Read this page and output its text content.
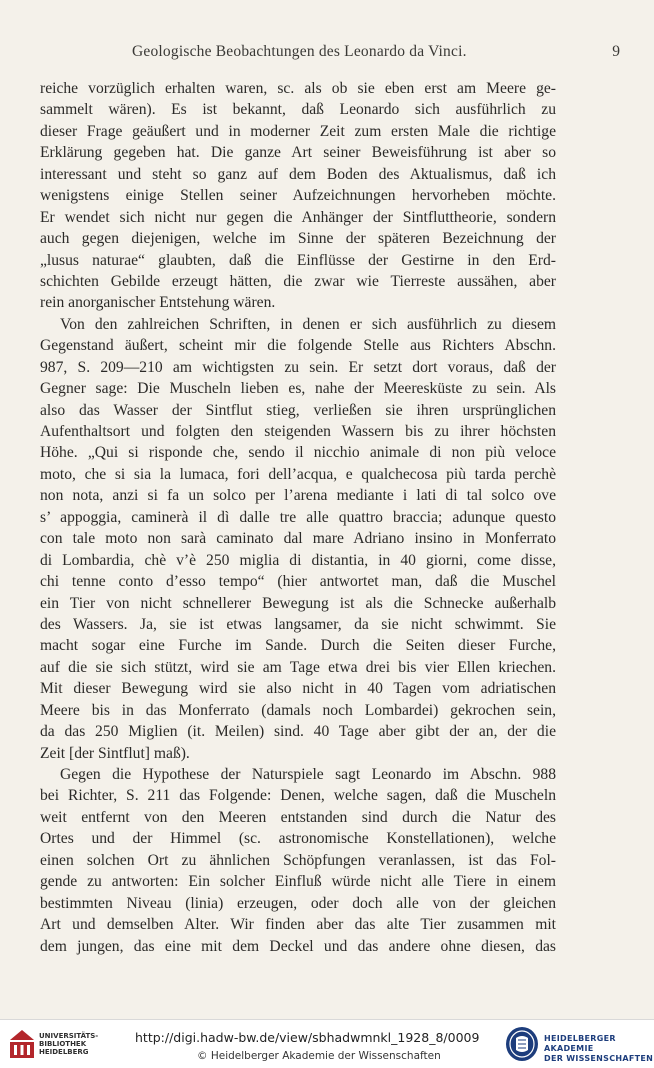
Geologische Beobachtungen des Leonardo da Vinci.	9
reiche vorzüglich erhalten waren, sc. als ob sie eben erst am Meere ge-
sammelt wären). Es ist bekannt, daß Leonardo sich ausführlich zu
dieser Frage geäußert und in moderner Zeit zum ersten Male die richtige
Erklärung gegeben hat. Die ganze Art seiner Beweisführung ist aber so
interessant und steht so ganz auf dem Boden des Aktualismus, daß ich
wenigstens einige Stellen seiner Aufzeichnungen hervorheben möchte.
Er wendet sich nicht nur gegen die Anhänger der Sintfluttheorie, sondern
auch gegen diejenigen, welche im Sinne der späteren Bezeichnung der
„lusus naturae“ glaubten, daß die Einflüsse der Gestirne in den Erd-
schichten Gebilde erzeugt hätten, die zwar wie Tierreste aussähen, aber
rein anorganischer Entstehung wären.
Von den zahlreichen Schriften, in denen er sich ausführlich zu diesem
Gegenstand äußert, scheint mir die folgende Stelle aus Richters Abschn.
987, S. 209—210 am wichtigsten zu sein. Er setzt dort voraus, daß der
Gegner sage: Die Muscheln lieben es, nahe der Meeresküste zu sein. Als
also das Wasser der Sintflut stieg, verließen sie ihren ursprünglichen
Aufenthaltsort und folgten den steigenden Wassern bis zu ihrer höchsten
Höhe. „Qui si risponde che, sendo il nicchio animale di non più veloce
moto, che si sia la lumaca, fori dell’acqua, e qualchecosa più tarda perchè
non nota, anzi si fa un solco per l’arena mediante i lati di tal solco ove
s’ appoggia, caminerà il dì dalle tre alle quattro braccia; adunque questo
con tale moto non sarà caminato dal mare Adriano insino in Monferrato
di Lombardia, chè v’è 250 miglia di distantia, in 40 giorni, come disse,
chi tenne conto d’esso tempo“ (hier antwortet man, daß die Muschel
ein Tier von nicht schnellerer Bewegung ist als die Schnecke außerhalb
des Wassers. Ja, sie ist etwas langsamer, da sie nicht schwimmt. Sie
macht sogar eine Furche im Sande. Durch die Seiten dieser Furche,
auf die sie sich stützt, wird sie am Tage etwa drei bis vier Ellen kriechen.
Mit dieser Bewegung wird sie also nicht in 40 Tagen vom adriatischen
Meere bis in das Monferrato (damals noch Lombardei) gekrochen sein,
da das 250 Miglien (it. Meilen) sind. 40 Tage aber gibt der an, der die
Zeit [der Sintflut] maß).
Gegen die Hypothese der Naturspiele sagt Leonardo im Abschn. 988
bei Richter, S. 211 das Folgende: Denen, welche sagen, daß die Muscheln
weit entfernt von den Meeren entstanden sind durch die Natur des
Ortes und der Himmel (sc. astronomische Konstellationen), welche
einen solchen Ort zu ähnlichen Schöpfungen veranlassen, ist das Fol-
gende zu antworten: Ein solcher Einfluß würde nicht alle Tiere in einem
bestimmten Niveau (linia) erzeugen, oder doch alle von der gleichen
Art und demselben Alter. Wir finden aber das alte Tier zusammen mit
dem jungen, das eine mit dem Deckel und das andere ohne diesen, das
UNIVERSITÄTS-
BIBLIOTHEK
HEIDELBERG
http://digi.hadw-bw.de/view/sbhadwmnkl_1928_8/0009
© Heidelberger Akademie der Wissenschaften
HEIDELBERGER AKADEMIE
DER WISSENSCHAFTEN
